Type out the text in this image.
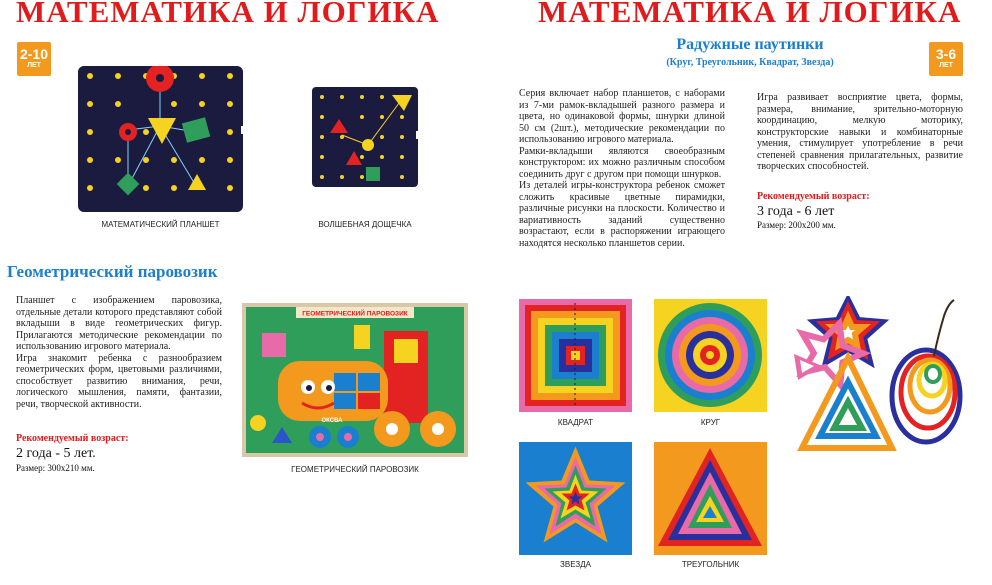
МАТЕМАТИКА И ЛОГИКА
2-10
ЛЕТ
МАТЕМАТИЧЕСКИЙ ПЛАНШЕТ	ВОЛШЕБНАЯ ДОЩЕЧКА
Геометрический паровозик
Планшет с изображением паровозика, отдельные детали которого представляют собой вкладыши в виде геометрических фигур. Прилагаются методические рекомендации по использованию игрового материала.
Игра знакомит ребенка с разнообразием геометрических форм, цветовыми различиями, способствует развитию внимания, речи, логического мышления, памяти, фантазии, речи, творческой активности.
Рекомендуемый возраст:
2 года - 5 лет.
Размер: 300х210 мм.
ГЕОМЕТРИЧЕСКИЙ ПАРОВОЗИК
ОКСВА
ГЕОМЕТРИЧЕСКИЙ ПАРОВОЗИК
МАТЕМАТИКА И ЛОГИКА
Радужные паутинки
(Круг, Треугольник, Квадрат, Звезда)
3-6
ЛЕТ
Серия включает набор планшетов, с наборами из 7-ми рамок-вкладышей разного размера и цвета, но одинаковой формы, шнурки длиной 50 см (2шт.), методические рекомендации по использованию игрового материала.
Рамки-вкладыши являются своеобразным конструктором: их можно различным способом соединить друг с другом при помощи шнурков.
Из деталей игры-конструктора ребенок сможет сложить красивые цветные пирамидки, различные рисунки на плоскости. Количество и вариативность заданий существенно возрастают, если в распоряжении играющего находятся несколько планшетов серии.
Игра развивает восприятие цвета, формы, размера, внимание, зрительно-моторную координацию, мелкую моторику, конструкторские навыки и комбинаторные умения, стимулирует употребление в речи степеней сравнения прилагательных, развитие творческих способностей.
Рекомендуемый возраст:
3 года - 6 лет
Размер: 200х200 мм.
КВАДРАТ	КРУГ
ЗВЕЗДА	ТРЕУГОЛЬНИК
